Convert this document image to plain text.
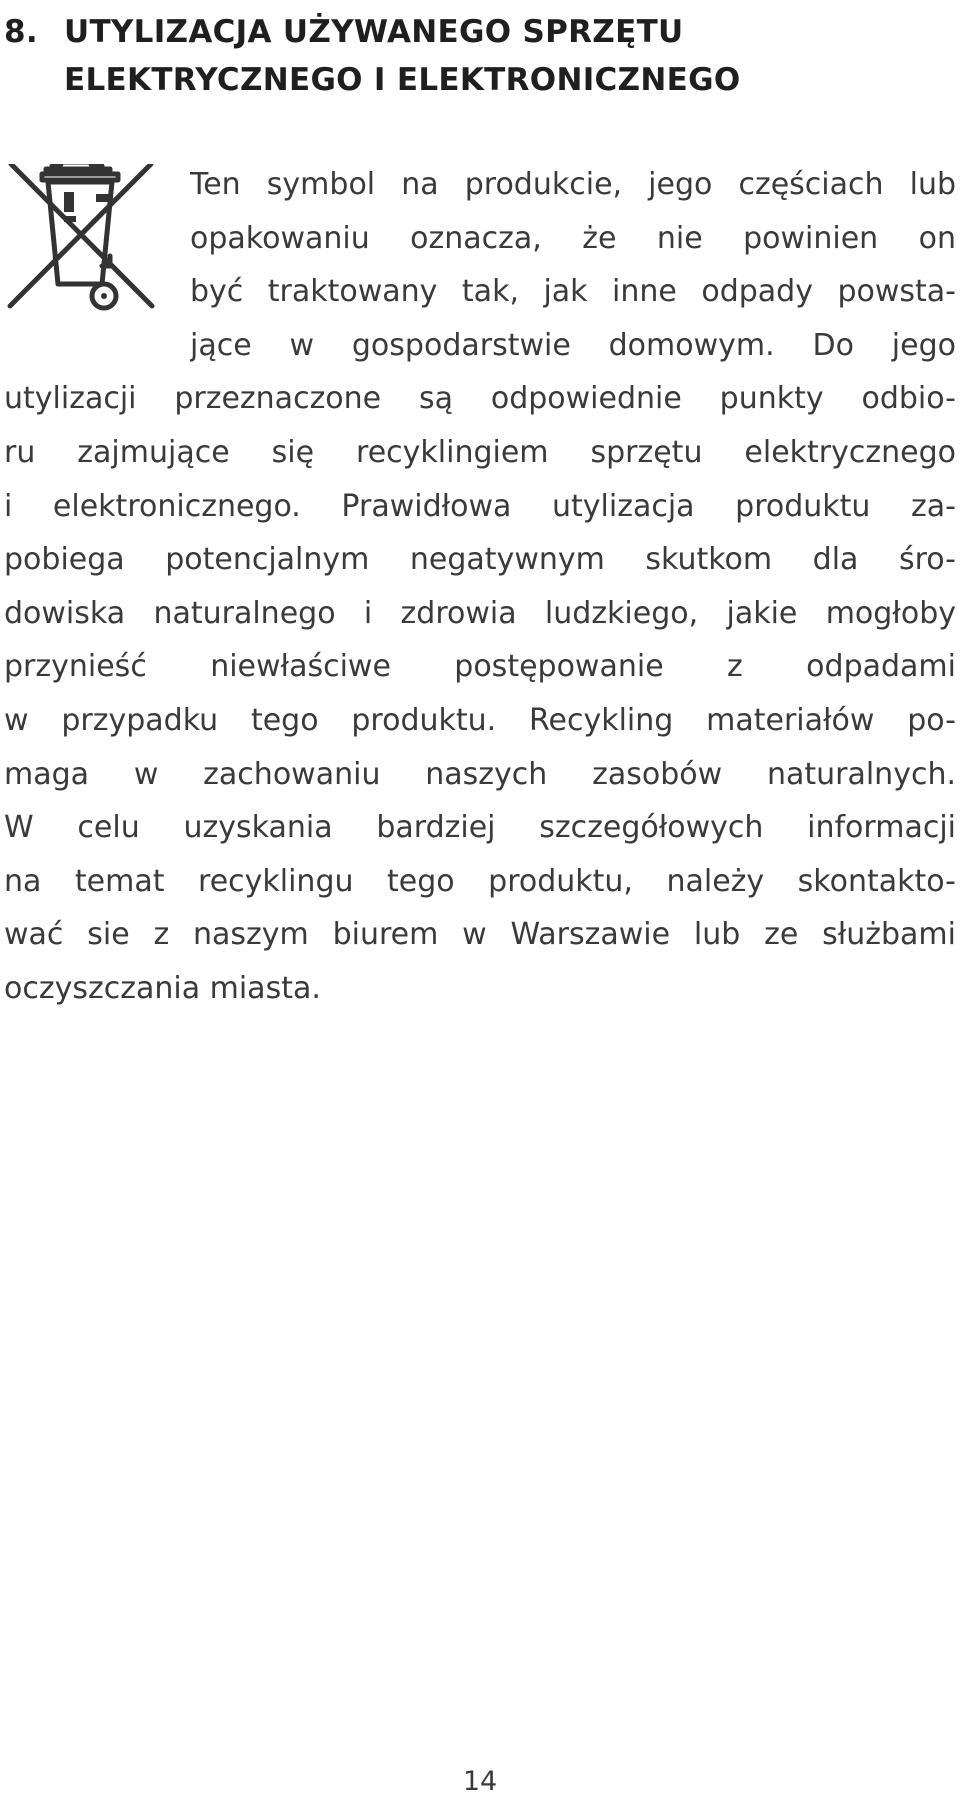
8. UTYLIZACJA UŻYWANEGO SPRZĘTU
ELEKTRYCZNEGO I ELEKTRONICZNEGO
Ten symbol na produkcie, jego częściach lub
opakowaniu oznacza, że nie powinien on
być traktowany tak, jak inne odpady powsta-
jące w gospodarstwie domowym. Do jego
utylizacji przeznaczone są odpowiednie punkty odbio-
ru zajmujące się recyklingiem sprzętu elektrycznego
i elektronicznego. Prawidłowa utylizacja produktu za-
pobiega potencjalnym negatywnym skutkom dla śro-
dowiska naturalnego i zdrowia ludzkiego, jakie mogłoby
przynieść niewłaściwe postępowanie z odpadami
w przypadku tego produktu. Recykling materiałów po-
maga w zachowaniu naszych zasobów naturalnych.
W celu uzyskania bardziej szczegółowych informacji
na temat recyklingu tego produktu, należy skontakto-
wać sie z naszym biurem w Warszawie lub ze służbami
oczyszczania miasta.
14
